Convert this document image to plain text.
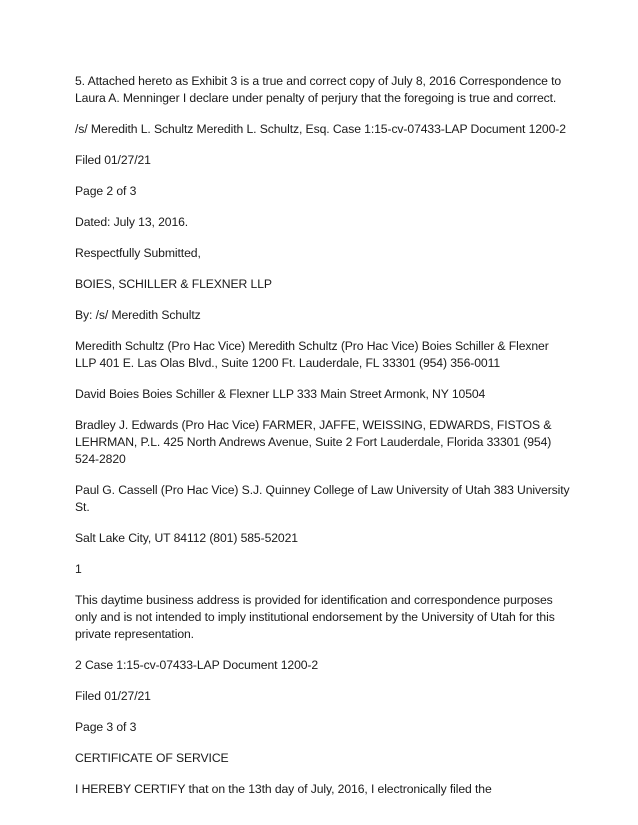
5. Attached hereto as Exhibit 3 is a true and correct copy of July 8, 2016 Correspondence to Laura A. Menninger I declare under penalty of perjury that the foregoing is true and correct.

/s/ Meredith L. Schultz Meredith L. Schultz, Esq. Case 1:15-cv-07433-LAP Document 1200-2

Filed 01/27/21

Page 2 of 3

Dated: July 13, 2016.

Respectfully Submitted,

BOIES, SCHILLER & FLEXNER LLP

By: /s/ Meredith Schultz

Meredith Schultz (Pro Hac Vice) Meredith Schultz (Pro Hac Vice) Boies Schiller & Flexner LLP 401 E. Las Olas Blvd., Suite 1200 Ft. Lauderdale, FL 33301 (954) 356-0011

David Boies Boies Schiller & Flexner LLP 333 Main Street Armonk, NY 10504

Bradley J. Edwards (Pro Hac Vice) FARMER, JAFFE, WEISSING, EDWARDS, FISTOS & LEHRMAN, P.L. 425 North Andrews Avenue, Suite 2 Fort Lauderdale, Florida 33301 (954) 524-2820

Paul G. Cassell (Pro Hac Vice) S.J. Quinney College of Law University of Utah 383 University St.

Salt Lake City, UT 84112 (801) 585-52021

1

This daytime business address is provided for identification and correspondence purposes only and is not intended to imply institutional endorsement by the University of Utah for this private representation.

2 Case 1:15-cv-07433-LAP Document 1200-2

Filed 01/27/21

Page 3 of 3

CERTIFICATE OF SERVICE

I HEREBY CERTIFY that on the 13th day of July, 2016, I electronically filed the
